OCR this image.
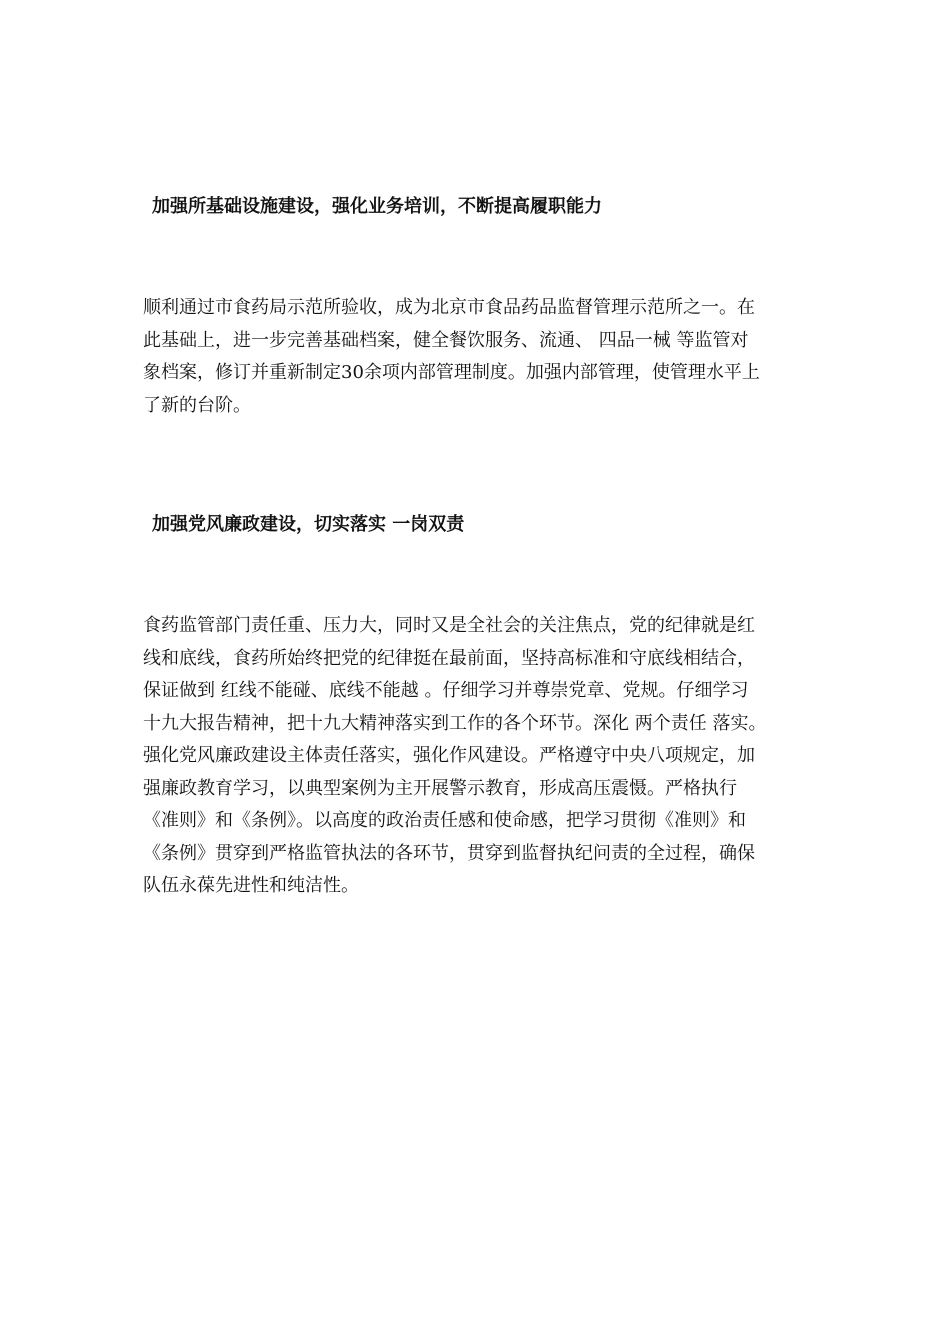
加强所基础设施建设，强化业务培训，不断提高履职能力
顺利通过市食药局示范所验收，成为北京市食品药品监督管理示范所之一。在
此基础上，进一步完善基础档案，健全餐饮服务、流通、 四品一械 等监管对
象档案，修订并重新制定30余项内部管理制度。加强内部管理，使管理水平上
了新的台阶。
加强党风廉政建设，切实落实 一岗双责
食药监管部门责任重、压力大，同时又是全社会的关注焦点，党的纪律就是红
线和底线，食药所始终把党的纪律挺在最前面，坚持高标准和守底线相结合，
保证做到 红线不能碰、底线不能越 。仔细学习并尊崇党章、党规。仔细学习
十九大报告精神，把十九大精神落实到工作的各个环节。深化 两个责任 落实。
强化党风廉政建设主体责任落实，强化作风建设。严格遵守中央八项规定，加
强廉政教育学习，以典型案例为主开展警示教育，形成高压震慑。严格执行
《准则》和《条例》。以高度的政治责任感和使命感，把学习贯彻《准则》和
《条例》贯穿到严格监管执法的各环节，贯穿到监督执纪问责的全过程，确保
队伍永葆先进性和纯洁性。
